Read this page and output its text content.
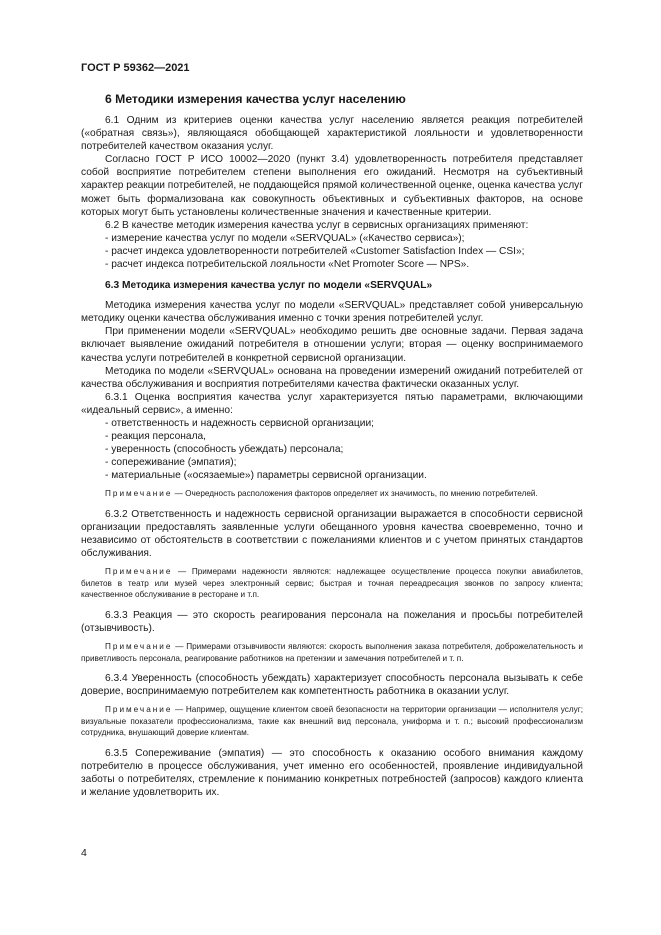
ГОСТ Р 59362—2021
6 Методики измерения качества услуг населению

6.1 Одним из критериев оценки качества услуг населению является реакция потребителей («обратная связь»), являющаяся обобщающей характеристикой лояльности и удовлетворенности потребителей качеством оказания услуг.

Согласно ГОСТ Р ИСО 10002—2020 (пункт 3.4) удовлетворенность потребителя представляет собой восприятие потребителем степени выполнения его ожиданий. Несмотря на субъективный характер реакции потребителей, не поддающейся прямой количественной оценке, оценка качества услуг может быть формализована как совокупность объективных и субъективных факторов, на основе которых могут быть установлены количественные значения и качественные критерии.

6.2 В качестве методик измерения качества услуг в сервисных организациях применяют:

- измерение качества услуг по модели «SERVQUAL» («Качество сервиса»);

- расчет индекса удовлетворенности потребителей «Customer Satisfaction Index — CSI»;

- расчет индекса потребительской лояльности «Net Promoter Score — NPS».

6.3 Методика измерения качества услуг по модели «SERVQUAL»

Методика измерения качества услуг по модели «SERVQUAL» представляет собой универсальную методику оценки качества обслуживания именно с точки зрения потребителей услуг.

При применении модели «SERVQUAL» необходимо решить две основные задачи. Первая задача включает выявление ожиданий потребителя в отношении услуги; вторая — оценку воспринимаемого качества услуги потребителей в конкретной сервисной организации.

Методика по модели «SERVQUAL» основана на проведении измерений ожиданий потребителей от качества обслуживания и восприятия потребителями качества фактически оказанных услуг.

6.3.1 Оценка восприятия качества услуг характеризуется пятью параметрами, включающими «идеальный сервис», а именно:

- ответственность и надежность сервисной организации;

- реакция персонала,

- уверенность (способность убеждать) персонала;

- сопереживание (эмпатия);

- материальные («осязаемые») параметры сервисной организации.

Примечание — Очередность расположения факторов определяет их значимость, по мнению потребителей.

6.3.2 Ответственность и надежность сервисной организации выражается в способности сервисной организации предоставлять заявленные услуги обещанного уровня качества своевременно, точно и независимо от обстоятельств в соответствии с пожеланиями клиентов и с учетом принятых стандартов обслуживания.

Примечание — Примерами надежности являются: надлежащее осуществление процесса покупки авиабилетов, билетов в театр или музей через электронный сервис; быстрая и точная переадресация звонков по запросу клиента; качественное обслуживание в ресторане и т.п.

6.3.3 Реакция — это скорость реагирования персонала на пожелания и просьбы потребителей (отзывчивость).

Примечание — Примерами отзывчивости являются: скорость выполнения заказа потребителя, доброжелательность и приветливость персонала, реагирование работников на претензии и замечания потребителей и т. п.

6.3.4 Уверенность (способность убеждать) характеризует способность персонала вызывать к себе доверие, воспринимаемую потребителем как компетентность работника в оказании услуг.

Примечание — Например, ощущение клиентом своей безопасности на территории организации — исполнителя услуг; визуальные показатели профессионализма, такие как внешний вид персонала, униформа и т. п.; высокий профессионализм сотрудника, внушающий доверие клиентам.

6.3.5 Сопереживание (эмпатия) — это способность к оказанию особого внимания каждому потребителю в процессе обслуживания, учет именно его особенностей, проявление индивидуальной заботы о потребителях, стремление к пониманию конкретных потребностей (запросов) каждого клиента и желание удовлетворить их.

4
